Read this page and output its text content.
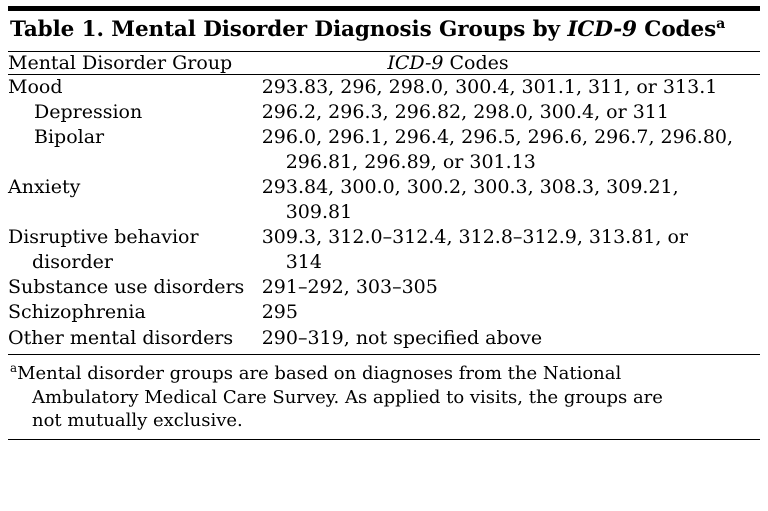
Table 1. Mental Disorder Diagnosis Groups by ICD-9 Codes$^a$
Mental Disorder Group	ICD-9 Codes
Mood	293.83, 296, 298.0, 300.4, 301.1, 311, or 313.1
Depression	296.2, 296.3, 296.82, 298.0, 300.4, or 311
Bipolar	296.0, 296.1, 296.4, 296.5, 296.6, 296.7, 296.80,
296.81, 296.89, or 301.13

Anxiety	293.84, 300.0, 300.2, 300.3, 308.3, 309.21,
309.81

Disruptive behavior
disorder	309.3, 312.0–312.4, 312.8–312.9, 313.81, or
314

Substance use disorders	291–292, 303–305
Schizophrenia	295
Other mental disorders	290–319, not specified above
$^a$Mental disorder groups are based on diagnoses from the National
Ambulatory Medical Care Survey. As applied to visits, the groups are
not mutually exclusive.
